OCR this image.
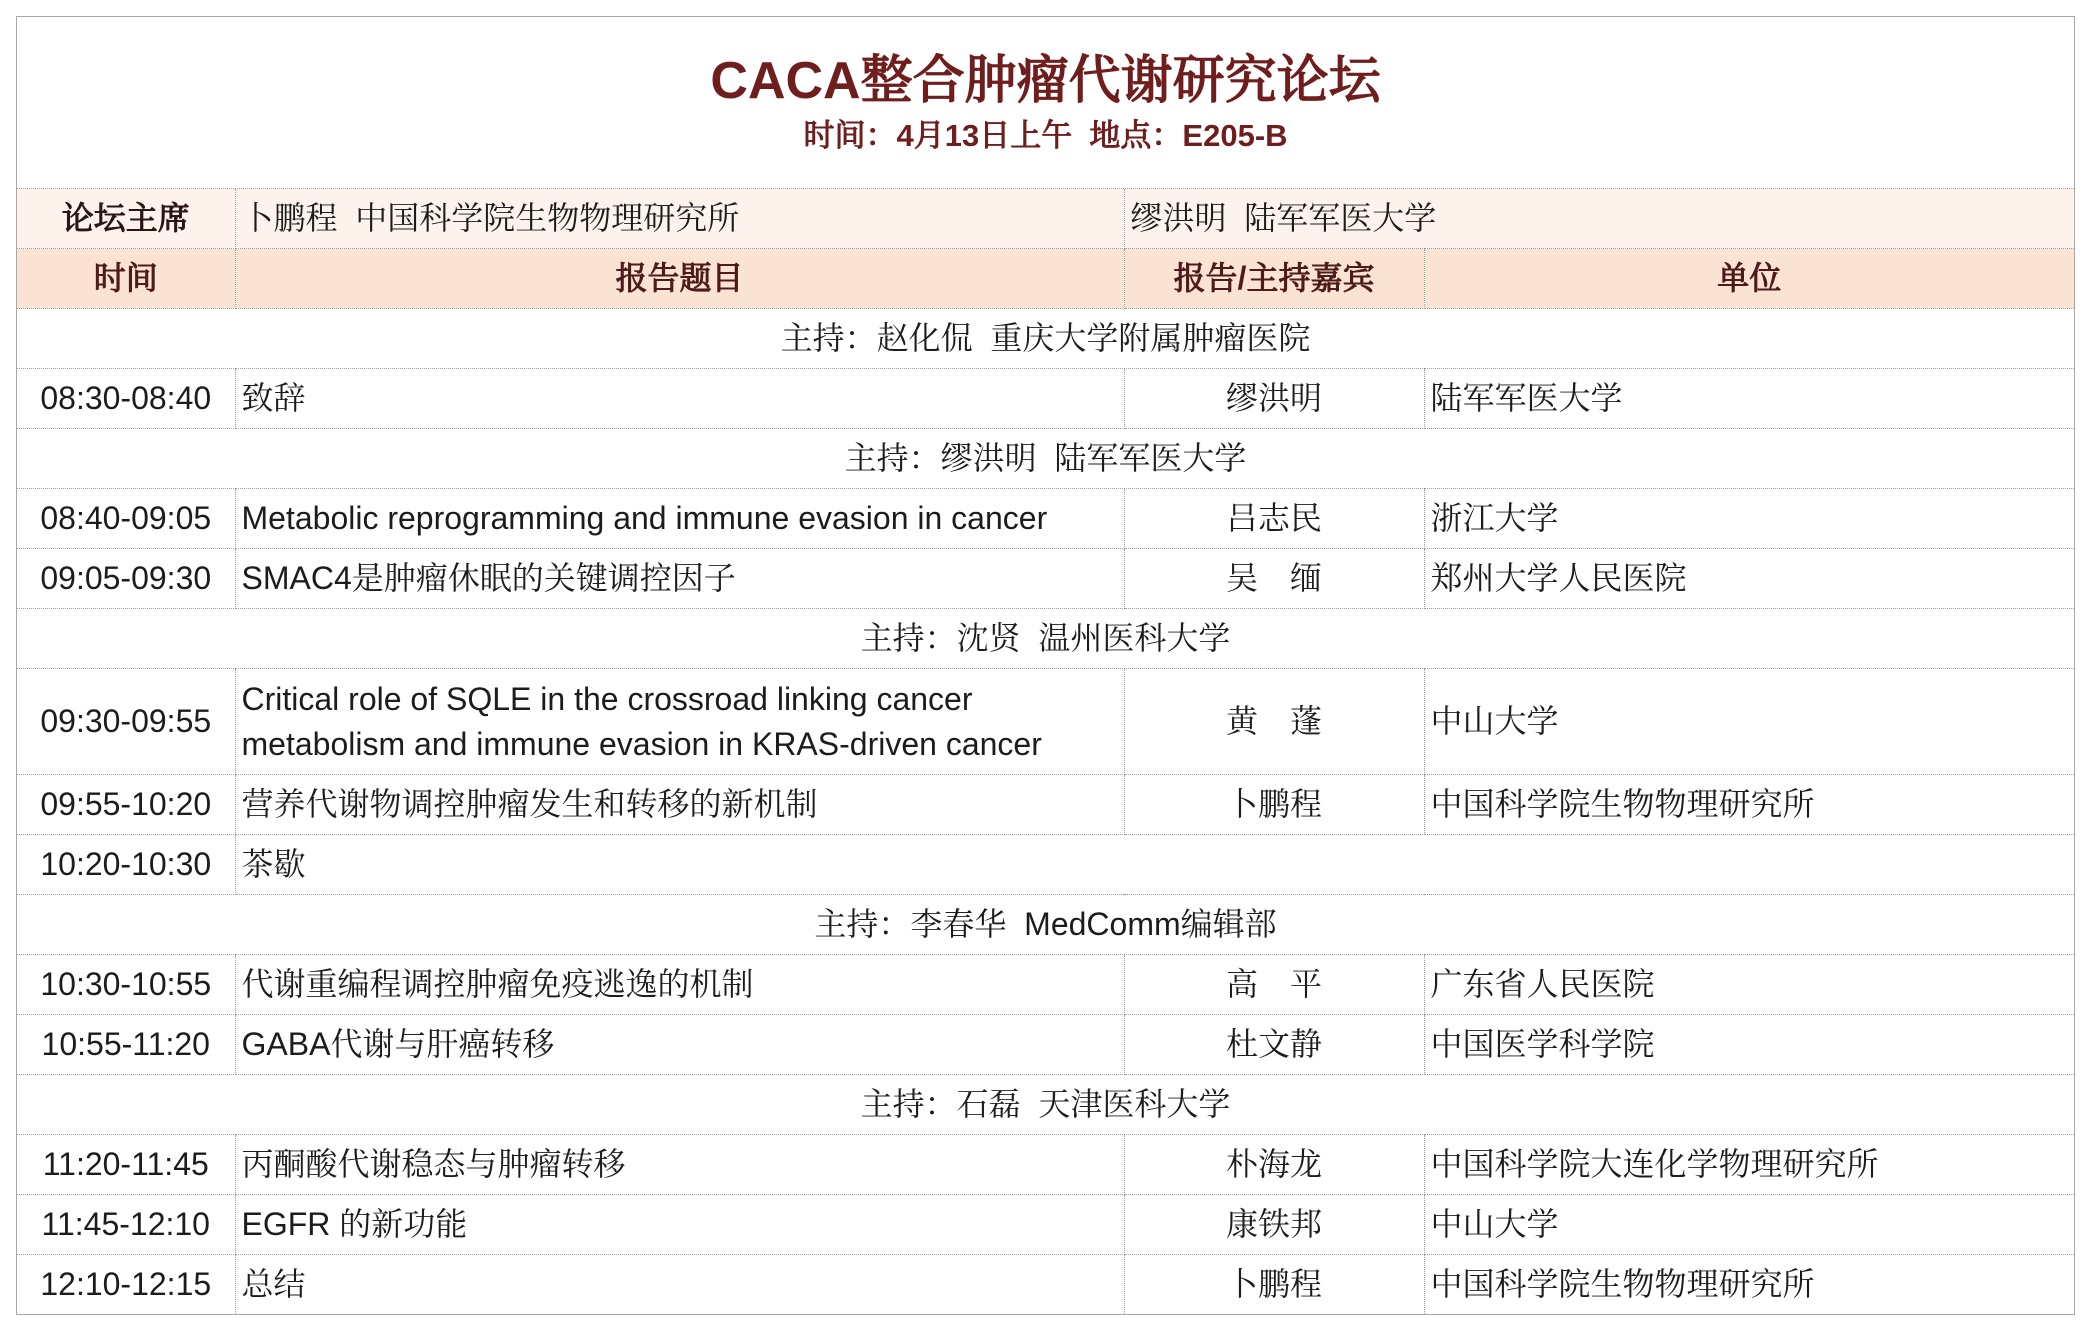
CACA整合肿瘤代谢研究论坛
时间：4月13日上午  地点：E205-B
论坛主席	卜鹏程  中国科学院生物物理研究所	缪洪明  陆军军医大学	
时间	报告题目	报告/主持嘉宾	单位
主持：赵化侃  重庆大学附属肿瘤医院			
08:30-08:40	致辞	缪洪明	陆军军医大学
主持：缪洪明  陆军军医大学			
08:40-09:05	Metabolic reprogramming and immune evasion in cancer	吕志民	浙江大学
09:05-09:30	SMAC4是肿瘤休眠的关键调控因子	吴　缅	郑州大学人民医院
主持：沈贤  温州医科大学			
09:30-09:55	Critical role of SQLE in the crossroad linking cancer metabolism and immune evasion in KRAS-driven cancer	黄　蓬	中山大学
09:55-10:20	营养代谢物调控肿瘤发生和转移的新机制	卜鹏程	中国科学院生物物理研究所
10:20-10:30	茶歇		
主持：李春华  MedComm编辑部			
10:30-10:55	代谢重编程调控肿瘤免疫逃逸的机制	高　平	广东省人民医院
10:55-11:20	GABA代谢与肝癌转移	杜文静	中国医学科学院
主持：石磊  天津医科大学			
11:20-11:45	丙酮酸代谢稳态与肿瘤转移	朴海龙	中国科学院大连化学物理研究所
11:45-12:10	EGFR 的新功能	康铁邦	中山大学
12:10-12:15	总结	卜鹏程	中国科学院生物物理研究所
